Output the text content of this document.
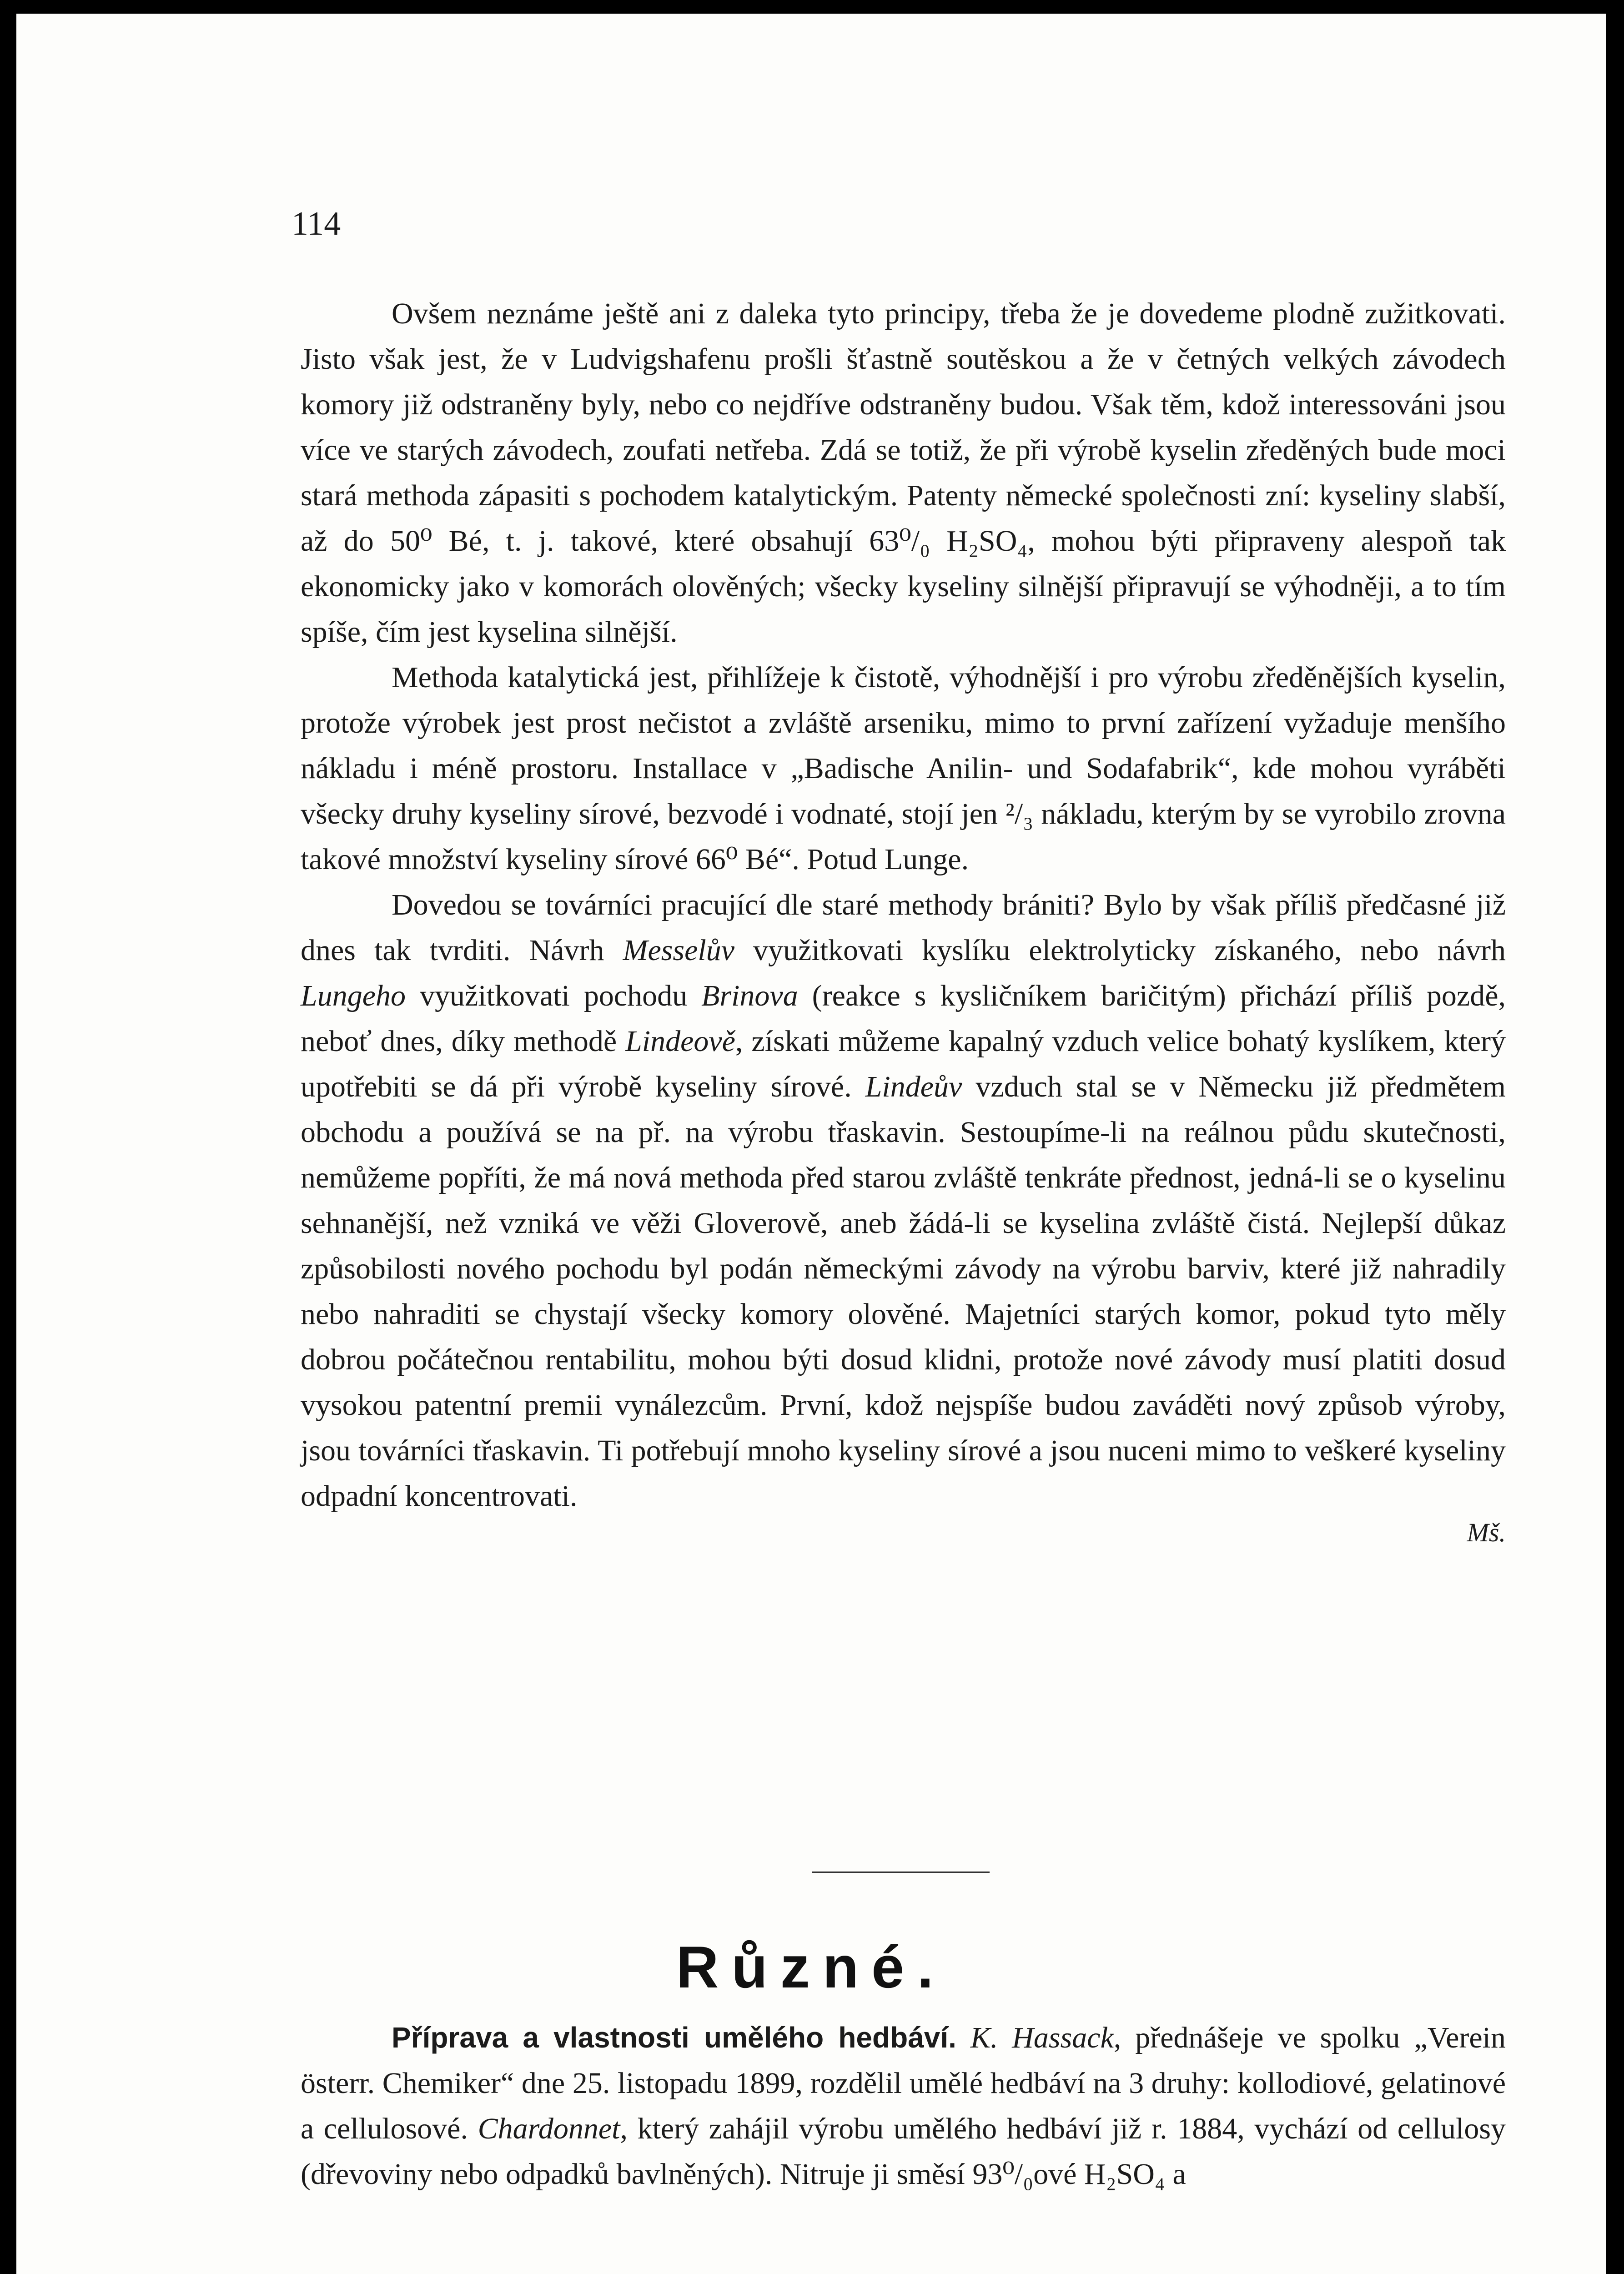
114

Ovšem neznáme ještě ani z daleka tyto principy, třeba že je dovedeme plodně zužitkovati. Jisto však jest, že v Ludvigshafenu prošli šťastně soutěskou a že v četných velkých závodech komory již odstraněny byly, nebo co nejdříve odstraněny budou. Však těm, kdož interessováni jsou více ve starých závodech, zoufati netřeba. Zdá se totiž, že při výrobě kyselin zředěných bude moci stará methoda zápasiti s pochodem katalytickým. Patenty německé společnosti zní: kyseliny slabší, až do 50⁰ Bé, t. j. takové, které obsahují 63⁰/₀ H₂SO₄, mohou býti připraveny alespoň tak ekonomicky jako v komorách olověných; všecky kyseliny silnější připravují se výhodněji, a to tím spíše, čím jest kyselina silnější.

Methoda katalytická jest, přihlížeje k čistotě, výhodnější i pro výrobu zředěnějších kyselin, protože výrobek jest prost nečistot a zvláště arseniku, mimo to první zařízení vyžaduje menšího nákladu i méně prostoru. Installace v „Badische Anilin- und Sodafabrik“, kde mohou vyráběti všecky druhy kyseliny sírové, bezvodé i vodnaté, stojí jen ²/₃ nákladu, kterým by se vyrobilo zrovna takové množství kyseliny sírové 66⁰ Bé“. Potud Lunge.

Dovedou se továrníci pracující dle staré methody brániti? Bylo by však příliš předčasné již dnes tak tvrditi. Návrh Messelův využitkovati kyslíku elektrolyticky získaného, nebo návrh Lungeho využitkovati pochodu Brinova (reakce s kysličníkem baričitým) přichází příliš pozdě, neboť dnes, díky methodě Lindeově, získati můžeme kapalný vzduch velice bohatý kyslíkem, který upotřebiti se dá při výrobě kyseliny sírové. Lindeův vzduch stal se v Německu již předmětem obchodu a používá se na př. na výrobu třaskavin. Sestoupíme-li na reálnou půdu skutečnosti, nemůžeme popříti, že má nová methoda před starou zvláště tenkráte přednost, jedná-li se o kyselinu sehnanější, než vzniká ve věži Gloverově, aneb žádá-li se kyselina zvláště čistá. Nejlepší důkaz způsobilosti nového pochodu byl podán německými závody na výrobu barviv, které již nahradily nebo nahraditi se chystají všecky komory olověné. Majetníci starých komor, pokud tyto měly dobrou počátečnou rentabilitu, mohou býti dosud klidni, protože nové závody musí platiti dosud vysokou patentní premii vynálezcům. První, kdož nejspíše budou zaváděti nový způsob výroby, jsou továrníci třaskavin. Ti potřebují mnoho kyseliny sírové a jsou nuceni mimo to veškeré kyseliny odpadní koncentrovati.

Mš.
Různé.

Příprava a vlastnosti umělého hedbáví. K. Hassack, přednášeje ve spolku „Verein österr. Chemiker“ dne 25. listopadu 1899, rozdělil umělé hedbáví na 3 druhy: kollodiové, gelatinové a cellulosové. Chardonnet, který zahájil výrobu umělého hedbáví již r. 1884, vychází od cellulosy (dřevoviny nebo odpadků bavlněných). Nitruje ji směsí 93⁰/₀ové H₂SO₄ a
